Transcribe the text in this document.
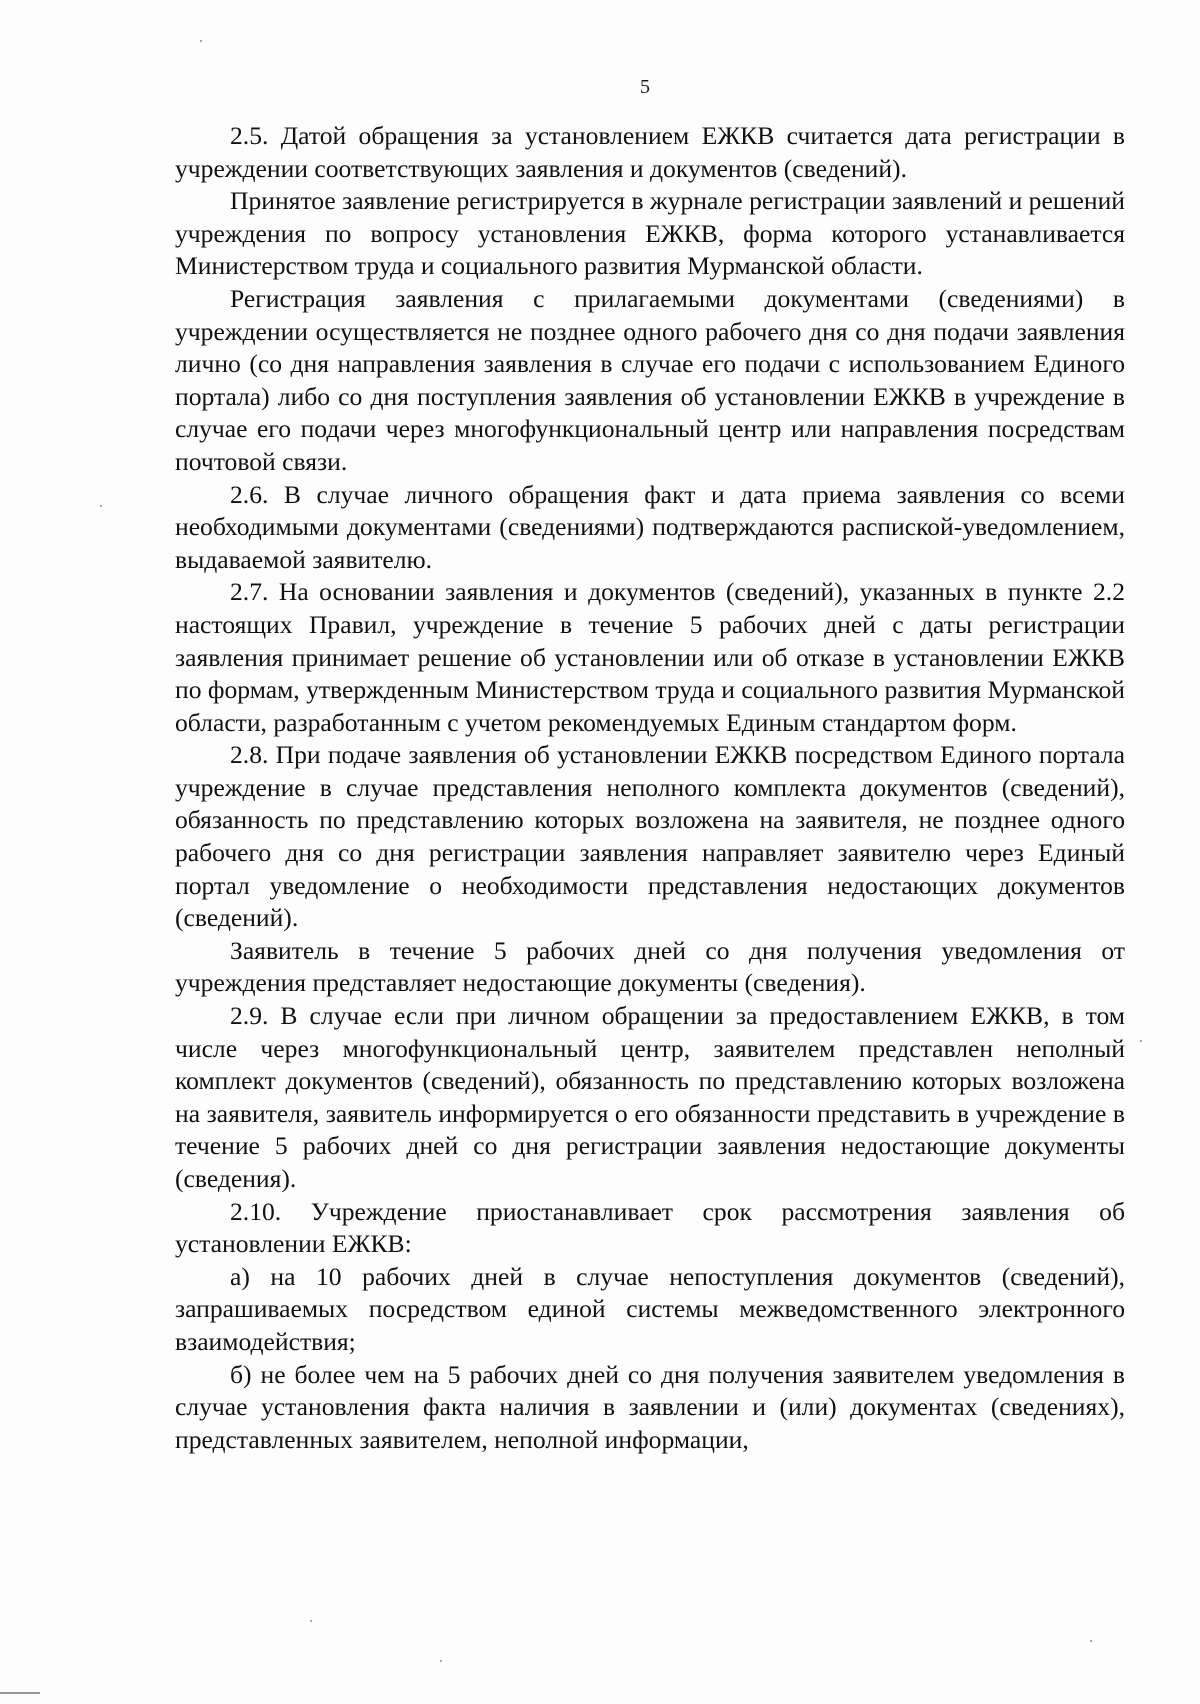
5

2.5. Датой обращения за установлением ЕЖКВ считается дата регистрации в учреждении соответствующих заявления и документов (сведений).

Принятое заявление регистрируется в журнале регистрации заявлений и решений учреждения по вопросу установления ЕЖКВ, форма которого устанавливается Министерством труда и социального развития Мурманской области.

Регистрация заявления с прилагаемыми документами (сведениями) в учреждении осуществляется не позднее одного рабочего дня со дня подачи заявления лично (со дня направления заявления в случае его подачи с использованием Единого портала) либо со дня поступления заявления об установлении ЕЖКВ в учреждение в случае его подачи через многофункциональный центр или направления посредствам почтовой связи.

2.6. В случае личного обращения факт и дата приема заявления со всеми необходимыми документами (сведениями) подтверждаются распиской-уведомлением, выдаваемой заявителю.

2.7. На основании заявления и документов (сведений), указанных в пункте 2.2 настоящих Правил, учреждение в течение 5 рабочих дней с даты регистрации заявления принимает решение об установлении или об отказе в установлении ЕЖКВ по формам, утвержденным Министерством труда и социального развития Мурманской области, разработанным с учетом рекомендуемых Единым стандартом форм.

2.8. При подаче заявления об установлении ЕЖКВ посредством Единого портала учреждение в случае представления неполного комплекта документов (сведений), обязанность по представлению которых возложена на заявителя, не позднее одного рабочего дня со дня регистрации заявления направляет заявителю через Единый портал уведомление о необходимости представления недостающих документов (сведений).

Заявитель в течение 5 рабочих дней со дня получения уведомления от учреждения представляет недостающие документы (сведения).

2.9. В случае если при личном обращении за предоставлением ЕЖКВ, в том числе через многофункциональный центр, заявителем представлен неполный комплект документов (сведений), обязанность по представлению которых возложена на заявителя, заявитель информируется о его обязанности представить в учреждение в течение 5 рабочих дней со дня регистрации заявления недостающие документы (сведения).

2.10. Учреждение приостанавливает срок рассмотрения заявления об установлении ЕЖКВ:

а) на 10 рабочих дней в случае непоступления документов (сведений), запрашиваемых посредством единой системы межведомственного электронного взаимодействия;

б) не более чем на 5 рабочих дней со дня получения заявителем уведомления в случае установления факта наличия в заявлении и (или) документах (сведениях), представленных заявителем, неполной информации,
